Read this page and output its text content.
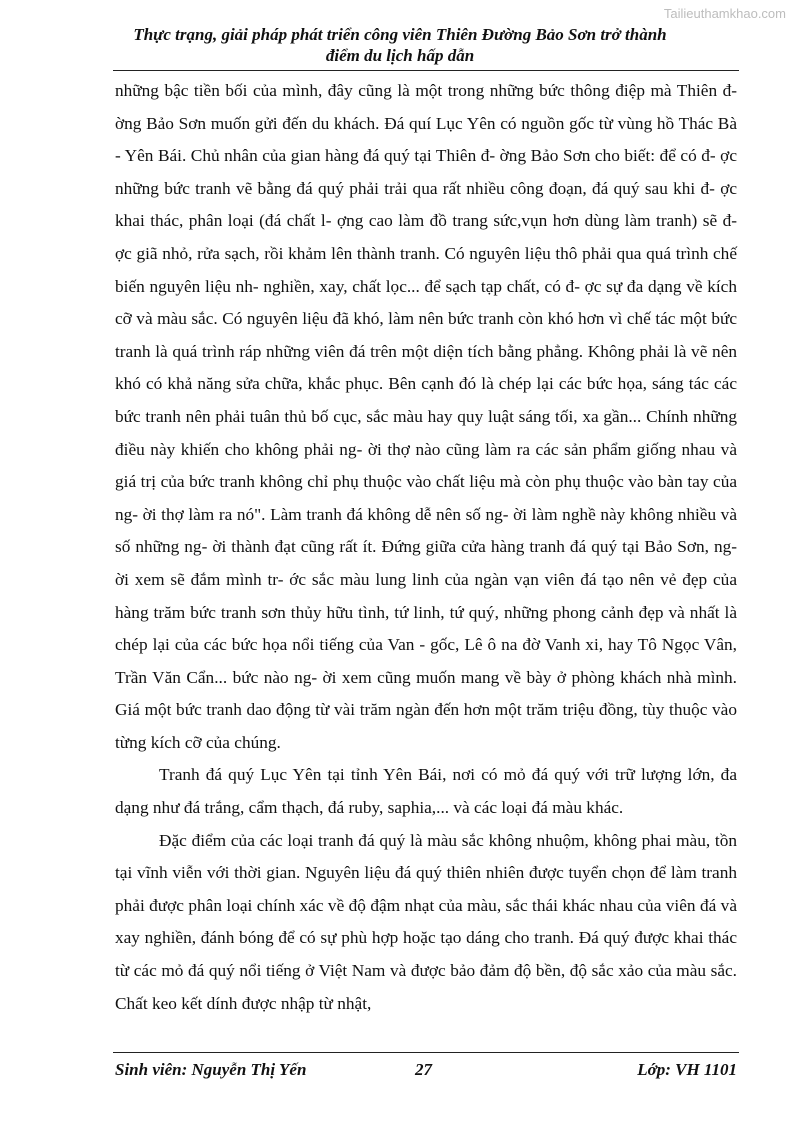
Tailieuthamkhao.com
Thực trạng, giải pháp phát triển công viên Thiên Đường Bảo Sơn trở thành
điểm du lịch hấp dẫn

những bậc tiền bối của mình, đây cũng là một trong những bức thông điệp mà Thiên đ- ờng Bảo Sơn muốn gửi đến du khách. Đá quí Lục Yên có nguồn gốc từ vùng hồ Thác Bà - Yên Bái. Chủ nhân của gian hàng đá quý tại Thiên đ- ờng Bảo Sơn cho biết: để có đ- ợc những bức tranh vẽ bằng đá quý phải trải qua rất nhiều công đoạn, đá quý sau khi đ- ợc khai thác, phân loại (đá chất l- ợng cao làm đồ trang sức,vụn hơn dùng làm tranh) sẽ đ- ợc giã nhỏ, rửa sạch, rồi khảm lên thành tranh. Có nguyên liệu thô phải qua quá trình chế biến nguyên liệu nh- nghiền, xay, chất lọc... để sạch tạp chất, có đ- ợc sự đa dạng về kích cỡ và màu sắc. Có nguyên liệu đã khó, làm nên bức tranh còn khó hơn vì chế tác một bức tranh là quá trình ráp những viên đá trên một diện tích bằng phẳng. Không phải là vẽ nên khó có khả năng sửa chữa, khắc phục. Bên cạnh đó là chép lại các bức họa, sáng tác các bức tranh nên phải tuân thủ bố cục, sắc màu hay quy luật sáng tối, xa gần... Chính những điều này khiến cho không phải ng- ời thợ nào cũng làm ra các sản phẩm giống nhau và giá trị của bức tranh không chỉ phụ thuộc vào chất liệu mà còn phụ thuộc vào bàn tay của ng- ời thợ làm ra nó". Làm tranh đá không dễ nên số ng- ời làm nghề này không nhiều và số những ng- ời thành đạt cũng rất ít. Đứng giữa cửa hàng tranh đá quý tại Bảo Sơn, ng- ời xem sẽ đắm mình tr- ớc sắc màu lung linh của ngàn vạn viên đá tạo nên vẻ đẹp của hàng trăm bức tranh sơn thủy hữu tình, tứ linh, tứ quý, những phong cảnh đẹp và nhất là chép lại của các bức họa nổi tiếng của Van - gốc, Lê ô na đờ Vanh xi, hay Tô Ngọc Vân, Trần Văn Cẩn... bức nào ng- ời xem cũng muốn mang về bày ở phòng khách nhà mình. Giá một bức tranh dao động từ vài trăm ngàn đến hơn một trăm triệu đồng, tùy thuộc vào từng kích cỡ của chúng.

Tranh đá quý Lục Yên tại tỉnh Yên Bái, nơi có mỏ đá quý với trữ lượng lớn, đa dạng như đá trắng, cẩm thạch, đá ruby, saphia,... và các loại đá màu khác.

Đặc điểm của các loại tranh đá quý là màu sắc không nhuộm, không phai màu, tồn tại vĩnh viễn với thời gian. Nguyên liệu đá quý thiên nhiên được tuyển chọn để làm tranh phải được phân loại chính xác về độ đậm nhạt của màu, sắc thái khác nhau của viên đá và xay nghiền, đánh bóng để có sự phù hợp hoặc tạo dáng cho tranh. Đá quý được khai thác từ các mỏ đá quý nổi tiếng ở Việt Nam và được bảo đảm độ bền, độ sắc xảo của màu sắc. Chất keo kết dính được nhập từ nhật,

Sinh viên: Nguyễn Thị Yến	27	Lớp: VH 1101
